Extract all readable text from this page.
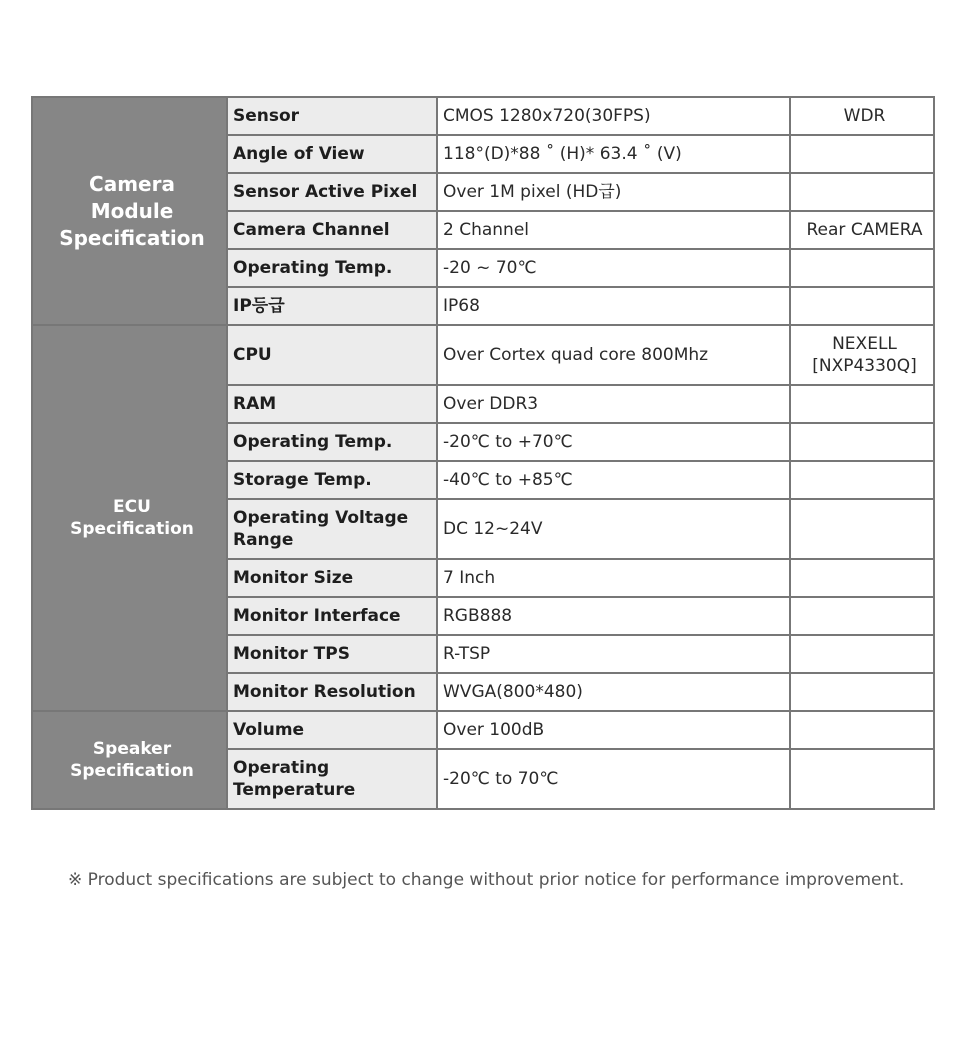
Camera
Module
Specification	Sensor	CMOS 1280x720(30FPS)	WDR
	Angle of View	118°(D)*88 ˚ (H)* 63.4 ˚ (V)	
	Sensor Active Pixel	Over 1M pixel (HD급)	
	Camera Channel	2 Channel	Rear CAMERA
	Operating Temp.	-20 ~ 70℃	
	IP등급	IP68	
ECU
Specification	CPU	Over Cortex quad core 800Mhz	NEXELL
[NXP4330Q]
	RAM	Over DDR3	
	Operating Temp.	-20℃ to +70℃	
	Storage Temp.	-40℃ to +85℃	
	Operating Voltage
Range	DC 12~24V	
	Monitor Size	7 Inch	
	Monitor Interface	RGB888	
	Monitor TPS	R-TSP	
	Monitor Resolution	WVGA(800*480)	
Speaker
Specification	Volume	Over 100dB	
	Operating
Temperature	-20℃ to 70℃	
※ Product specifications are subject to change without prior notice for performance improvement.
